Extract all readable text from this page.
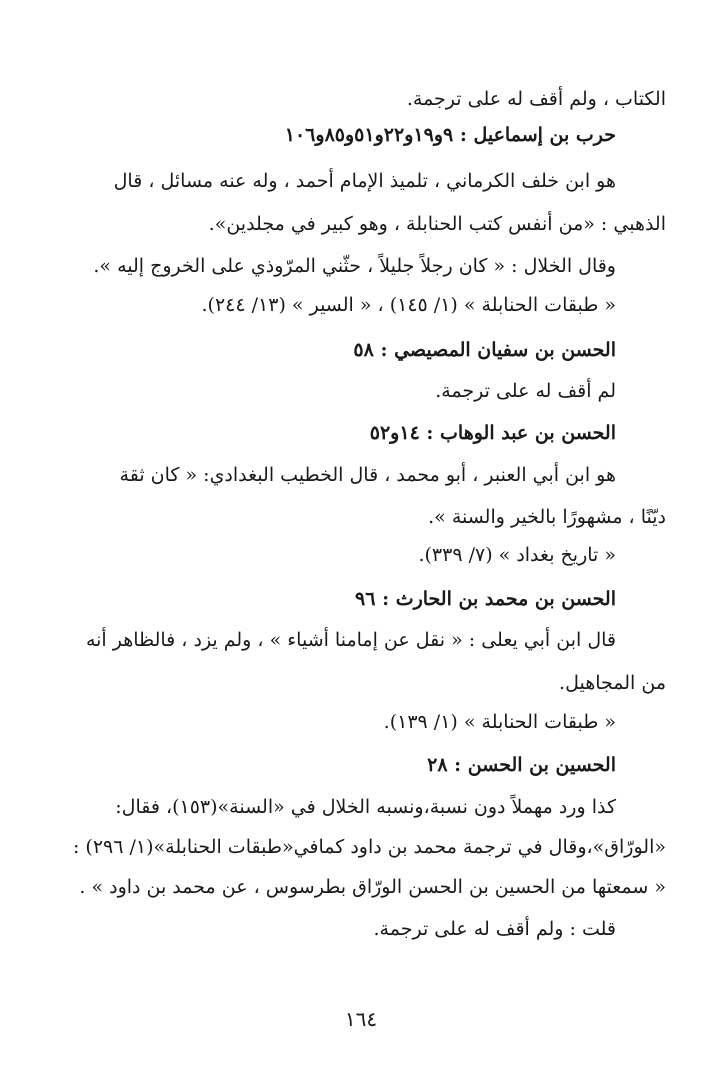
الكتاب ، ولم أقف له على ترجمة.

حرب بن إسماعيل : ٩و١٩و٢٢و٥١و٨٥و١٠٦

هو ابن خلف الكرماني ، تلميذ الإمام أحمد ، وله عنه مسائل ، قال

الذهبي : «من أنفس كتب الحنابلة ، وهو كبير في مجلدين».

وقال الخلال : « كان رجلاً جليلاً ، حثّني المرّوذي على الخروج إليه ».

« طبقات الحنابلة » (١/ ١٤٥) ، « السير » (١٣/ ٢٤٤).

الحسن بن سفيان المصيصي : ٥٨

لم أقف له على ترجمة.

الحسن بن عبد الوهاب : ١٤و٥٢

هو ابن أبي العنبر ، أبو محمد ، قال الخطيب البغدادي: « كان ثقة

ديّنًا ، مشهورًا بالخير والسنة ».

« تاريخ بغداد » (٧/ ٣٣٩).

الحسن بن محمد بن الحارث : ٩٦

قال ابن أبي يعلى : « نقل عن إمامنا أشياء » ، ولم يزد ، فالظاهر أنه

من المجاهيل.

« طبقات الحنابلة » (١/ ١٣٩).

الحسين بن الحسن : ٢٨

كذا ورد مهملاً دون نسبة،ونسبه الخلال في «السنة»(١٥٣)، فقال:

«الورّاق»،وقال في ترجمة محمد بن داود كمافي«طبقات الحنابلة»(١/ ٢٩٦) :

« سمعتها من الحسين بن الحسن الورّاق بطرسوس ، عن محمد بن داود » .

قلت : ولم أقف له على ترجمة.

١٦٤
